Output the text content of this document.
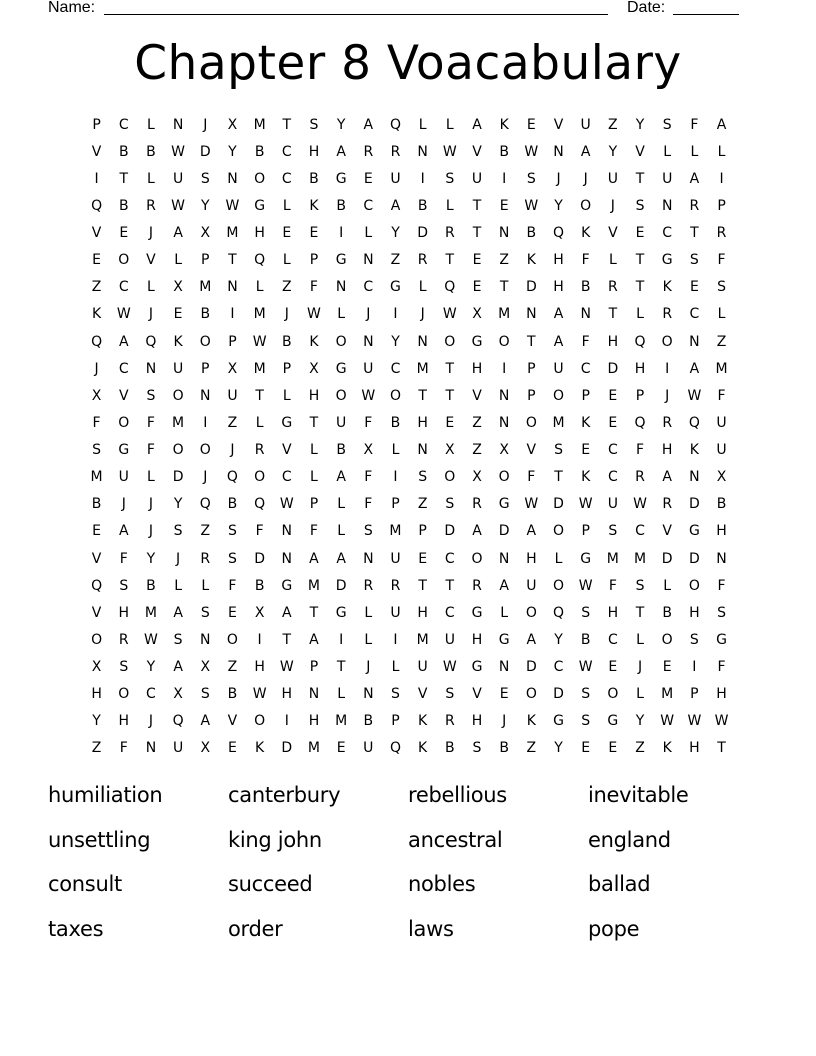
Name:	Date:
Chapter 8 Voacabulary
P	C	L	N	J	X	M	T	S	Y	A	Q	L	L	A	K	E	V	U	Z	Y	S	F	A
V	B	B	W	D	Y	B	C	H	A	R	R	N	W	V	B	W	N	A	Y	V	L	L	L
I	T	L	U	S	N	O	C	B	G	E	U	I	S	U	I	S	J	J	U	T	U	A	I
Q	B	R	W	Y	W	G	L	K	B	C	A	B	L	T	E	W	Y	O	J	S	N	R	P
V	E	J	A	X	M	H	E	E	I	L	Y	D	R	T	N	B	Q	K	V	E	C	T	R
E	O	V	L	P	T	Q	L	P	G	N	Z	R	T	E	Z	K	H	F	L	T	G	S	F
Z	C	L	X	M	N	L	Z	F	N	C	G	L	Q	E	T	D	H	B	R	T	K	E	S
K	W	J	E	B	I	M	J	W	L	J	I	J	W	X	M	N	A	N	T	L	R	C	L
Q	A	Q	K	O	P	W	B	K	O	N	Y	N	O	G	O	T	A	F	H	Q	O	N	Z
J	C	N	U	P	X	M	P	X	G	U	C	M	T	H	I	P	U	C	D	H	I	A	M
X	V	S	O	N	U	T	L	H	O	W	O	T	T	V	N	P	O	P	E	P	J	W	F
F	O	F	M	I	Z	L	G	T	U	F	B	H	E	Z	N	O	M	K	E	Q	R	Q	U
S	G	F	O	O	J	R	V	L	B	X	L	N	X	Z	X	V	S	E	C	F	H	K	U
M	U	L	D	J	Q	O	C	L	A	F	I	S	O	X	O	F	T	K	C	R	A	N	X
B	J	J	Y	Q	B	Q	W	P	L	F	P	Z	S	R	G	W	D	W	U	W	R	D	B
E	A	J	S	Z	S	F	N	F	L	S	M	P	D	A	D	A	O	P	S	C	V	G	H
V	F	Y	J	R	S	D	N	A	A	N	U	E	C	O	N	H	L	G	M	M	D	D	N
Q	S	B	L	L	F	B	G	M	D	R	R	T	T	R	A	U	O	W	F	S	L	O	F
V	H	M	A	S	E	X	A	T	G	L	U	H	C	G	L	O	Q	S	H	T	B	H	S
O	R	W	S	N	O	I	T	A	I	L	I	M	U	H	G	A	Y	B	C	L	O	S	G
X	S	Y	A	X	Z	H	W	P	T	J	L	U	W	G	N	D	C	W	E	J	E	I	F
H	O	C	X	S	B	W	H	N	L	N	S	V	S	V	E	O	D	S	O	L	M	P	H
Y	H	J	Q	A	V	O	I	H	M	B	P	K	R	H	J	K	G	S	G	Y	W W W
Z	F	N	U	X	E	K	D	M	E	U	Q	K	B	S	B	Z	Y	E	E	Z	K	H	T
humiliation	canterbury	rebellious	inevitable
unsettling	king john	ancestral	england
consult	succeed	nobles	ballad
taxes	order	laws	pope
